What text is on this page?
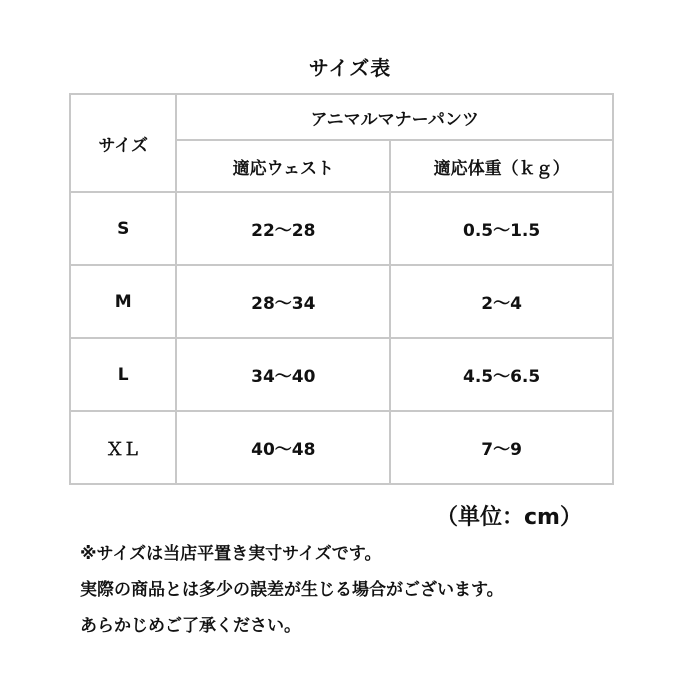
サイズ表
サイズ	アニマルマナーパンツ	
	適応ウェスト	適応体重（ｋｇ）
S	22〜28	0.5〜1.5
M	28〜34	2〜4
L	34〜40	4.5〜6.5
ＸＬ	40〜48	7〜9
（単位：cm）
※サイズは当店平置き実寸サイズです。
実際の商品とは多少の誤差が生じる場合がございます。
あらかじめご了承ください。
